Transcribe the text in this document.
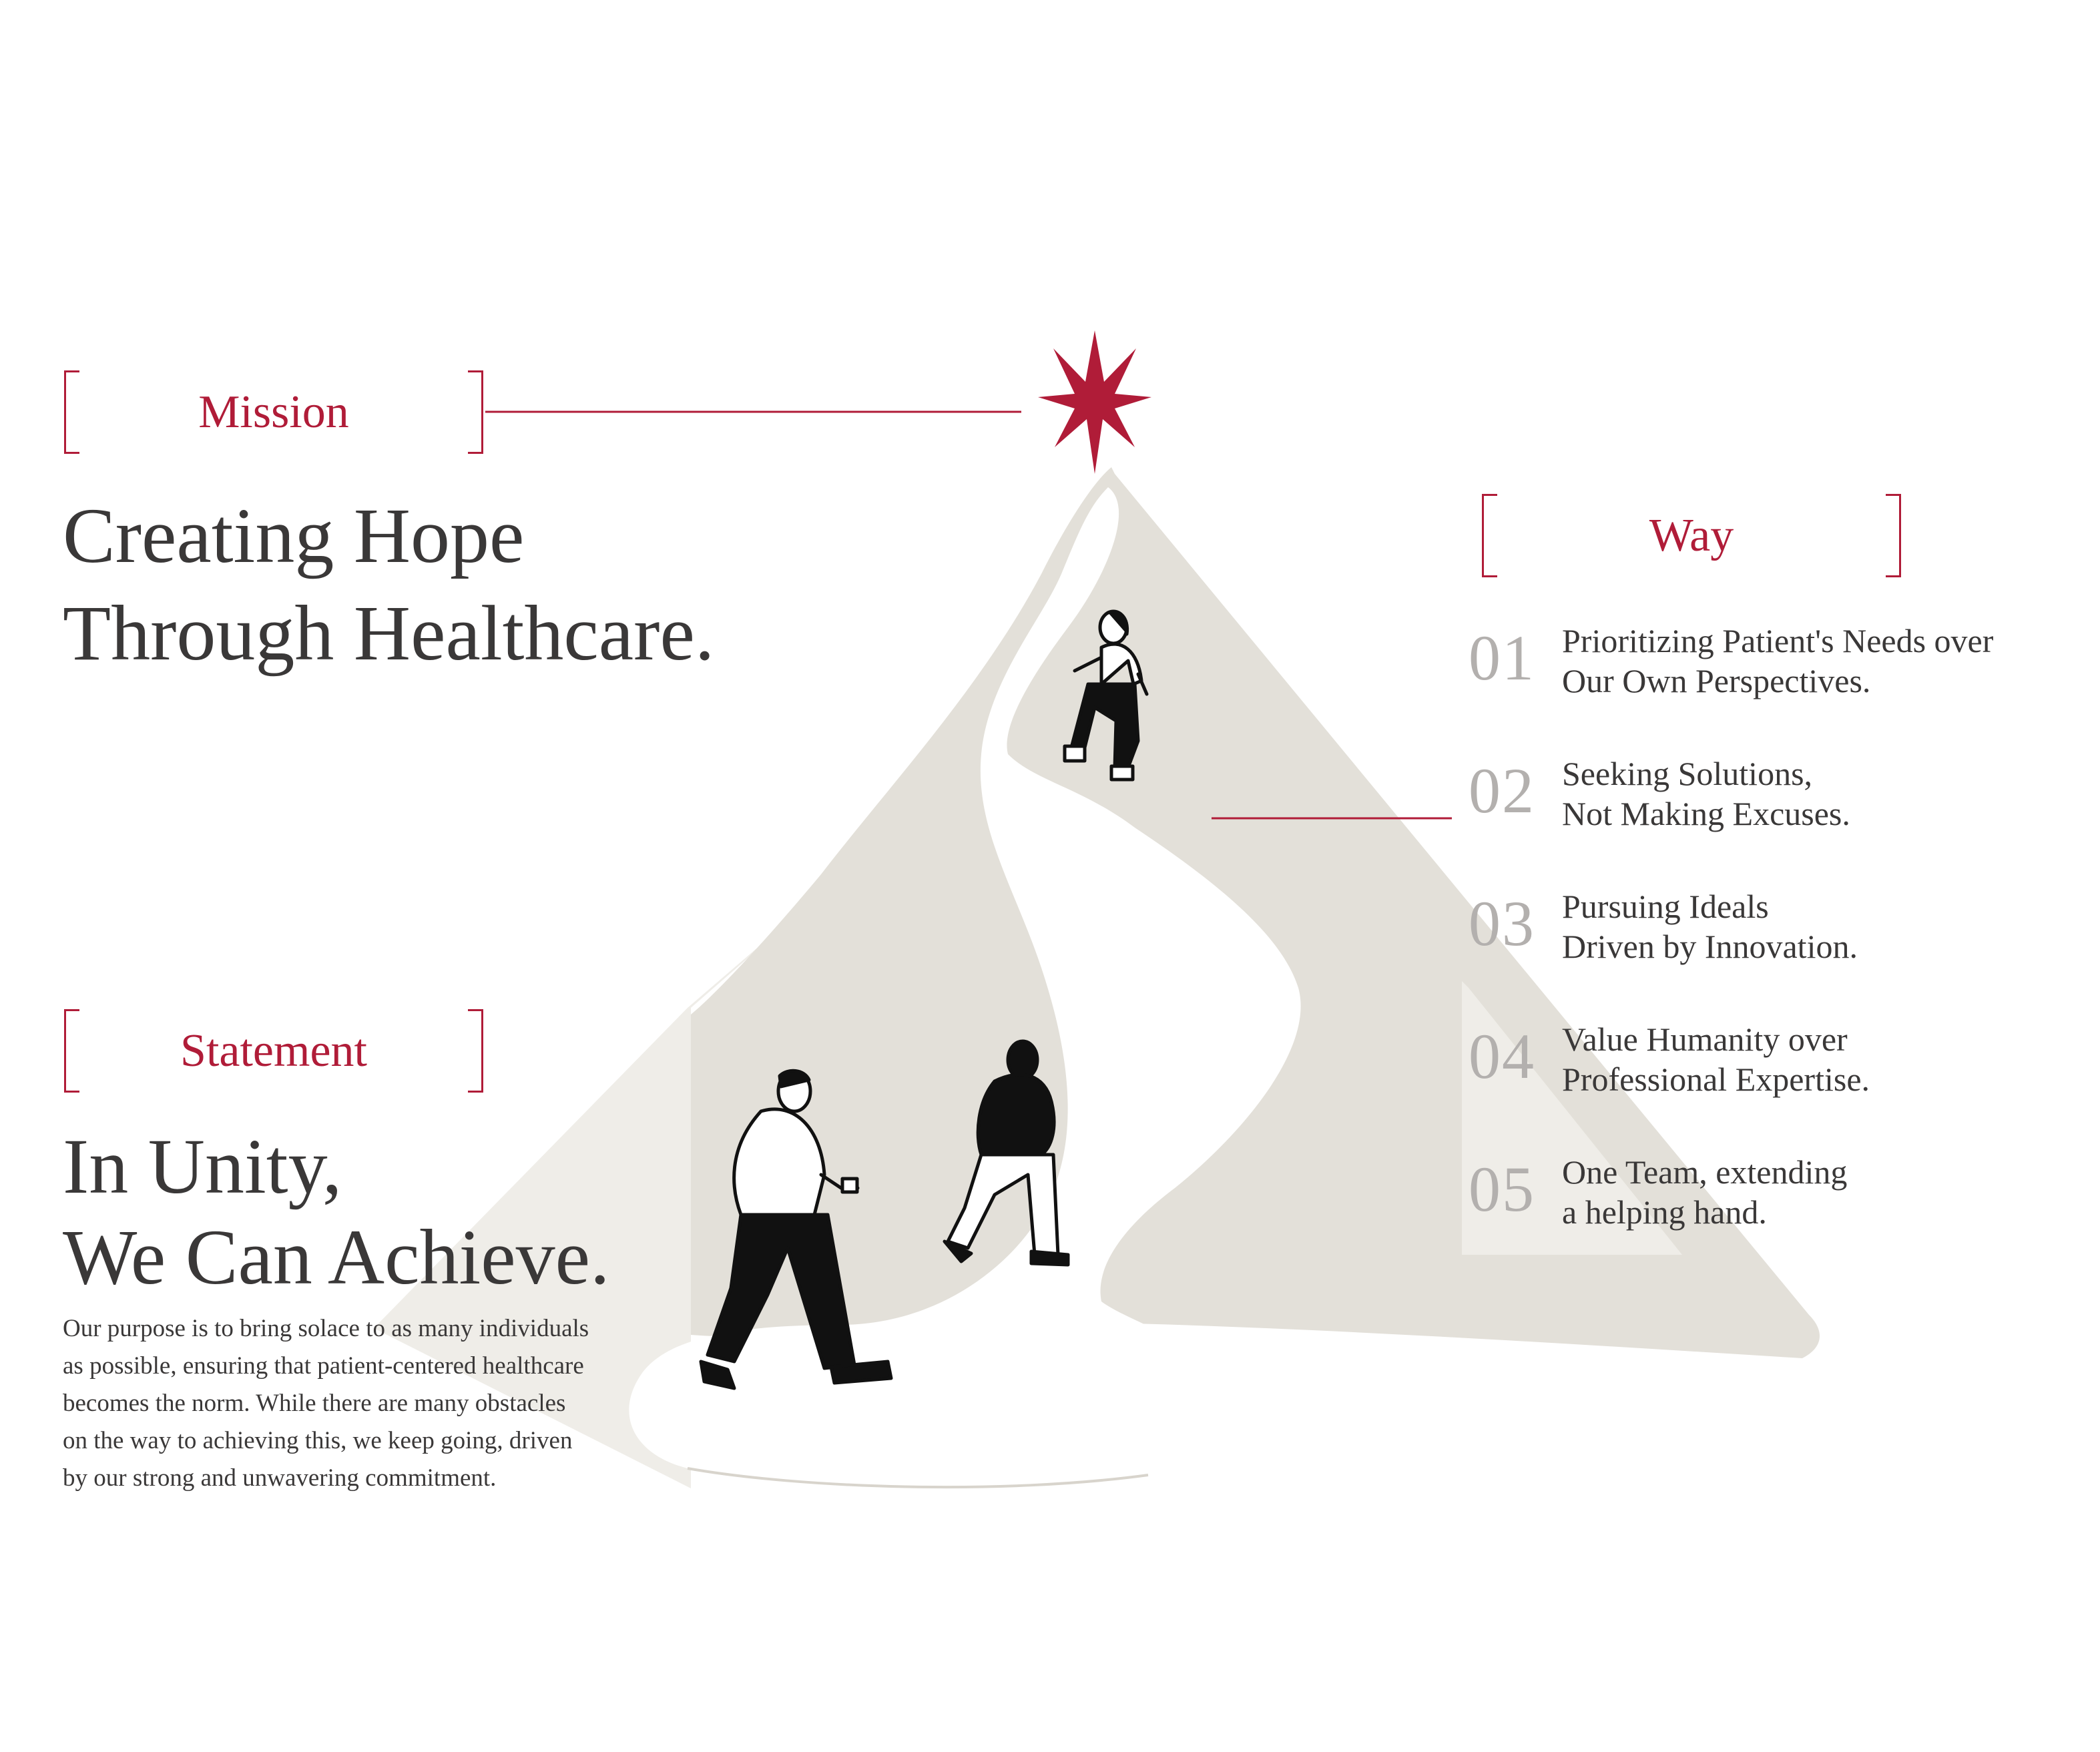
Mission
Creating Hope
Through Healthcare.
Statement
In Unity,
We Can Achieve.
Our purpose is to bring solace to as many individuals
as possible, ensuring that patient-centered healthcare
becomes the norm. While there are many obstacles
on the way to achieving this, we keep going, driven
by our strong and unwavering commitment.
Way
01 Prioritizing Patient's Needs over
Our Own Perspectives.
02 Seeking Solutions,
Not Making Excuses.
03 Pursuing Ideals
Driven by Innovation.
04 Value Humanity over
Professional Expertise.
05 One Team, extending
a helping hand.
